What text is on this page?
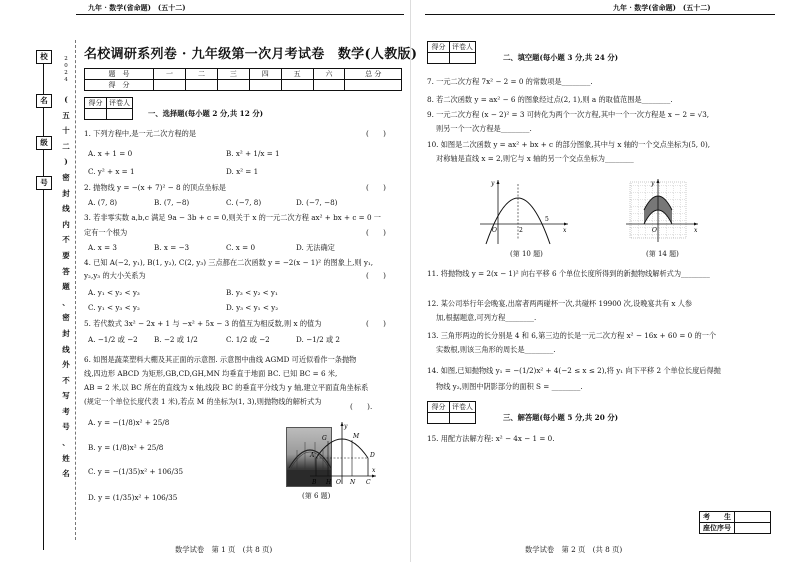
九年 · 数学(省命题)　(五十二)	九年 · 数学(省命题)　(五十二)
校
名
级
号
2
0
2
4
(
五
十
二
)
密
封
线
内
不
要
答
题
、
密
封
线
外
不
写
考
号
、
姓
名
名校调研系列卷 · 九年级第一次月考试卷　数学(人教版)
题　号	一	二	三	四	五	六	总 分
得　分							
得分	评卷人

一、选择题(每小题 2 分,共 12 分)
1. 下列方程中,是一元二次方程的是	(　　)
A. x + 1 = 0	B. x² + 1/x = 1
C. y² + x = 1	D. x² = 1
2. 抛物线 y = −(x + 7)² − 8 的顶点坐标是	(　　)
A. (7, 8)	B. (7, −8)	C. (−7, 8)	D. (−7, −8)
3. 若非零实数 a,b,c 满足 9a − 3b + c = 0,则关于 x 的一元二次方程 ax² + bx + c = 0 一
定有一个根为	(　　)
A. x = 3	B. x = −3	C. x = 0	D. 无法确定
4. 已知 A(−2, y₁), B(1, y₂), C(2, y₃) 三点都在二次函数 y = −2(x − 1)² 的图象上,则 y₁,
y₂,y₃ 的大小关系为	(　　)
A. y₁ < y₂ < y₃	B. y₃ < y₂ < y₁
C. y₁ < y₃ < y₂	D. y₃ < y₁ < y₂
5. 若代数式 3x² − 2x + 1 与 −x² + 5x − 3 的值互为相反数,则 x 的值为	(　　)
A. −1/2 或 −2 B. −2 或 1/2	C. 1/2 或 −2	D. −1/2 或 2
6. 如图是蔬菜塑料大棚及其正面的示意图. 示意图中曲线 AGMD 可近似看作一条抛物
线,四边形 ABCD 为矩形,GB,CD,GH,MN 均垂直于地面 BC. 已知 BC = 6 米,
AB = 2 米,以 BC 所在的直线为 x 轴,线段 BC 的垂直平分线为 y 轴,建立平面直角坐标系
(规定一个单位长度代表 1 米),若点 M 的坐标为(1, 3),则抛物线的解析式为
(　　).
A. y = −(1/8)x² + 25/8
B. y = (1/8)x² + 25/8
C. y = −(1/35)x² + 106/35
D. y = (1/35)x² + 106/35
y
M
G
A	D
B H	N C
O
x
(第 6 题)
数学试卷　第 1 页　(共 8 页)
得分	评卷人

二、填空题(每小题 3 分,共 24 分)
7. 一元二次方程 7x² − 2 = 0 的常数项是________.
8. 若二次函数 y = ax² − 6 的图象经过点(2, 1),则 a 的取值范围是________.
9. 一元二次方程 (x − 2)² = 3 可转化为两个一次方程,其中一个一次方程是 x − 2 = √3,
则另一个一次方程是________.
10. 如图是二次函数 y = ax² + bx + c 的部分图象,其中与 x 轴的一个交点坐标为(5, 0),
对称轴是直线 x = 2,则它与 x 轴的另一个交点坐标为________
y
O	2
5
x
(第 10 题)
y
O	x
(第 14 题)
11. 将抛物线 y = 2(x − 1)² 向右平移 6 个单位长度所得到的新抛物线解析式为________
12. 某公司举行年会晚宴,出席者两两碰杯一次,共碰杯 19900 次,设晚宴共有 x 人参
加,根据题意,可列方程________.
13. 三角形两边的长分别是 4 和 6,第三边的长是一元二次方程 x² − 16x + 60 = 0 的一个
实数根,则该三角形的周长是________.
14. 如图,已知抛物线 y₁ = −(1/2)x² + 4(−2 ≤ x ≤ 2),将 y₁ 向下平移 2 个单位长度后得抛
物线 y₂,则图中阴影部分的面积 S = ________.
得分	评卷人

三、解答题(每小题 5 分,共 20 分)
15. 用配方法解方程: x² − 4x − 1 = 0.
考　　生	
座位序号	
数学试卷　第 2 页　(共 8 页)
